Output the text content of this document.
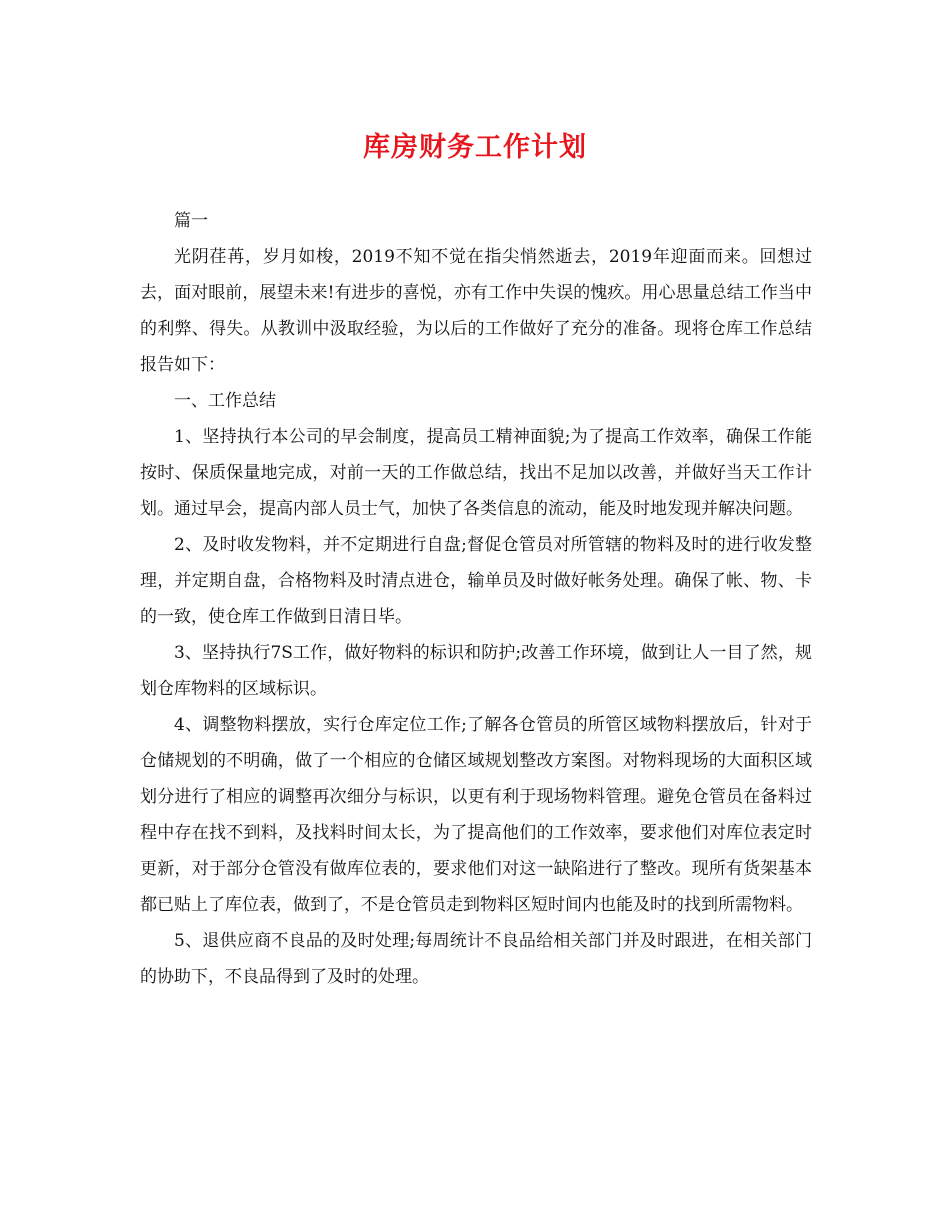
库房财务工作计划

篇一

光阴荏苒，岁月如梭，2019不知不觉在指尖悄然逝去，2019年迎面而来。回想过去，面对眼前，展望未来!有进步的喜悦，亦有工作中失误的愧疚。用心思量总结工作当中的利弊、得失。从教训中汲取经验，为以后的工作做好了充分的准备。现将仓库工作总结报告如下：

一、工作总结

1、坚持执行本公司的早会制度，提高员工精神面貌;为了提高工作效率，确保工作能按时、保质保量地完成，对前一天的工作做总结，找出不足加以改善，并做好当天工作计划。通过早会，提高内部人员士气，加快了各类信息的流动，能及时地发现并解决问题。

2、及时收发物料，并不定期进行自盘;督促仓管员对所管辖的物料及时的进行收发整理，并定期自盘，合格物料及时清点进仓，输单员及时做好帐务处理。确保了帐、物、卡的一致，使仓库工作做到日清日毕。

3、坚持执行7S工作，做好物料的标识和防护;改善工作环境，做到让人一目了然，规划仓库物料的区域标识。

4、调整物料摆放，实行仓库定位工作;了解各仓管员的所管区域物料摆放后，针对于仓储规划的不明确，做了一个相应的仓储区域规划整改方案图。对物料现场的大面积区域划分进行了相应的调整再次细分与标识，以更有利于现场物料管理。避免仓管员在备料过程中存在找不到料，及找料时间太长，为了提高他们的工作效率，要求他们对库位表定时更新，对于部分仓管没有做库位表的，要求他们对这一缺陷进行了整改。现所有货架基本都已贴上了库位表，做到了，不是仓管员走到物料区短时间内也能及时的找到所需物料。

5、退供应商不良品的及时处理;每周统计不良品给相关部门并及时跟进，在相关部门的协助下，不良品得到了及时的处理。
